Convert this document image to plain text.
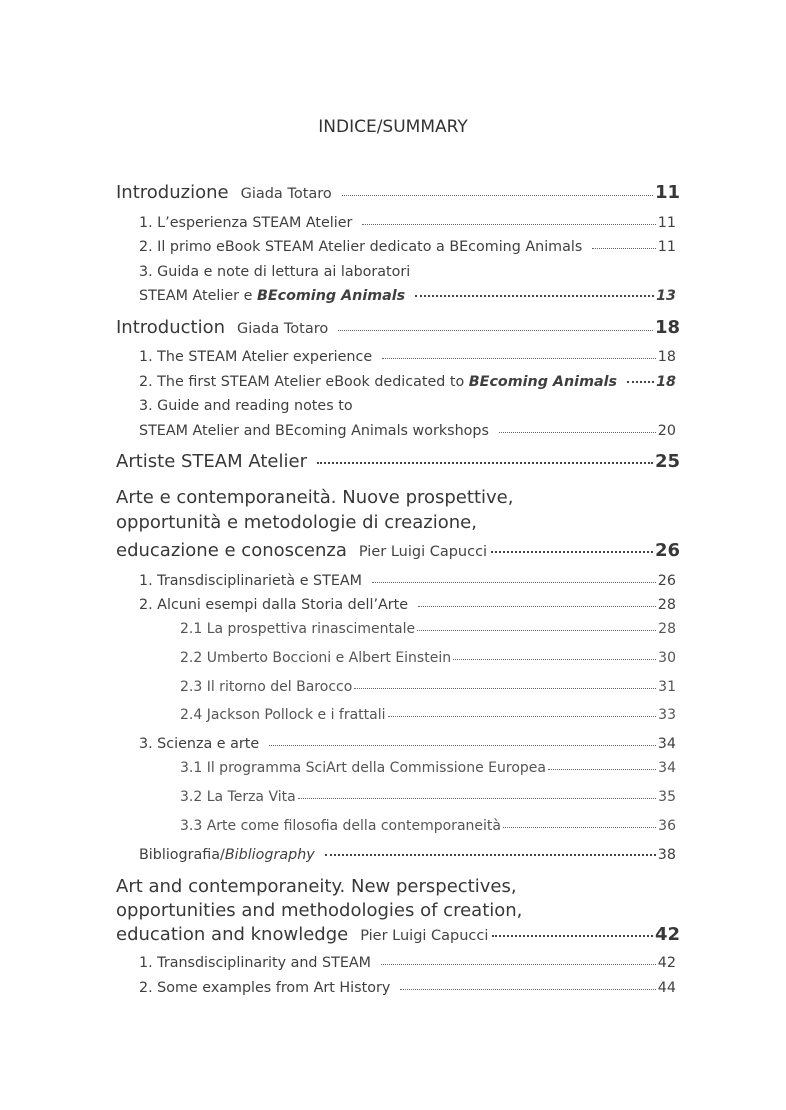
INDICE/SUMMARY
Introduzione Giada Totaro	11
1. L’esperienza STEAM Atelier	11
2. Il primo eBook STEAM Atelier dedicato a BEcoming Animals	11
3. Guida e note di lettura ai laboratori
STEAM Atelier e BEcoming Animals	13
Introduction Giada Totaro	18
1. The STEAM Atelier experience	18
2. The first STEAM Atelier eBook dedicated to BEcoming Animals	18
3. Guide and reading notes to
STEAM Atelier and BEcoming Animals workshops	20
Artiste STEAM Atelier	25
Arte e contemporaneità. Nuove prospettive,
opportunità e metodologie di creazione,
educazione e conoscenza Pier Luigi Capucci	26
1. Transdisciplinarietà e STEAM	26
2. Alcuni esempi dalla Storia dell’Arte	28
2.1 La prospettiva rinascimentale	28
2.2 Umberto Boccioni e Albert Einstein	30
2.3 Il ritorno del Barocco	31
2.4 Jackson Pollock e i frattali	33
3. Scienza e arte	34
3.1 Il programma SciArt della Commissione Europea	34
3.2 La Terza Vita	35
3.3 Arte come filosofia della contemporaneità	36
Bibliografia/Bibliography	38
Art and contemporaneity. New perspectives,
opportunities and methodologies of creation,
education and knowledge Pier Luigi Capucci	42
1. Transdisciplinarity and STEAM	42
2. Some examples from Art History	44
